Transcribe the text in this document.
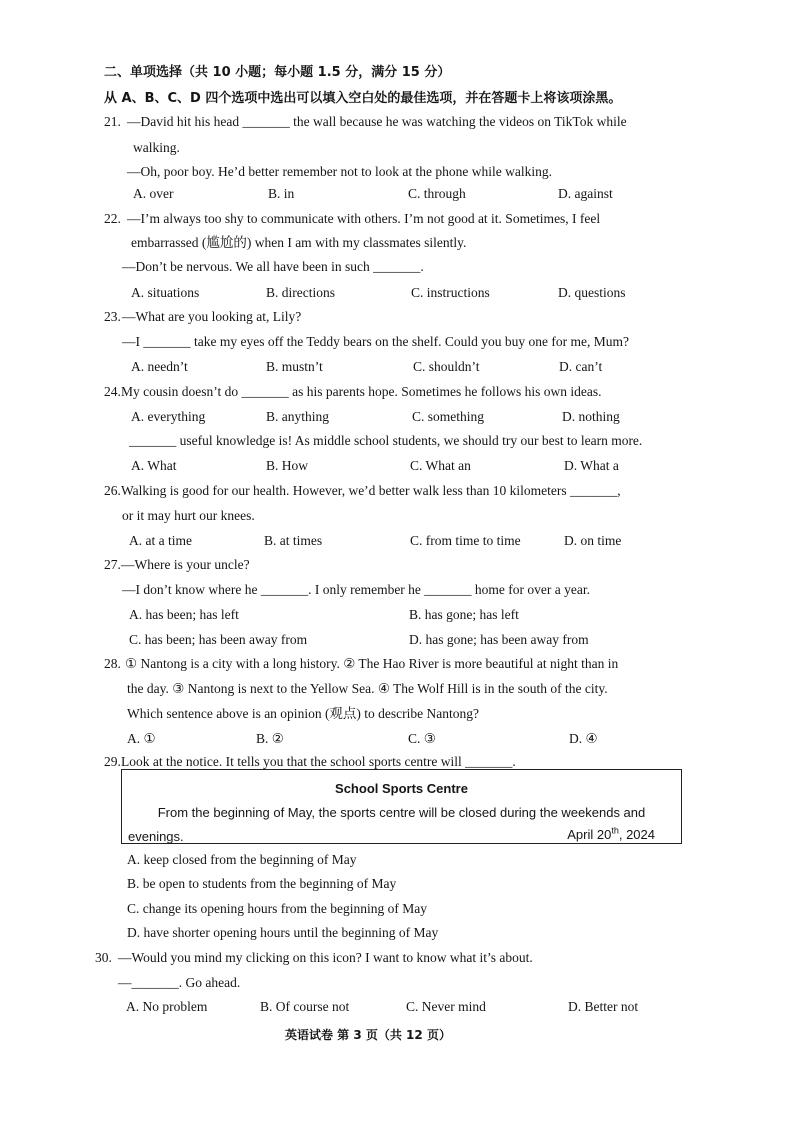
二、单项选择（共 10 小题；每小题 1.5 分，满分 15 分）
从 A、B、C、D 四个选项中选出可以填入空白处的最佳选项，并在答题卡上将该项涂黑。
21. —David hit his head _______ the wall because he was watching the videos on TikTok while
walking.
—Oh, poor boy. He’d better remember not to look at the phone while walking.
A. over	B. in	C. through	D. against
22. —I’m always too shy to communicate with others. I’m not good at it. Sometimes, I feel
embarrassed (尴尬的) when I am with my classmates silently.
—Don’t be nervous. We all have been in such _______.
A. situations	B. directions	C. instructions	D. questions
23. —What are you looking at, Lily?
—I _______ take my eyes off the Teddy bears on the shelf. Could you buy one for me, Mum?
A. needn’t	B. mustn’t	C. shouldn’t	D. can’t
24. My cousin doesn’t do _______ as his parents hope. Sometimes he follows his own ideas.
A. everything	B. anything	C. something	D. nothing
_______ useful knowledge is! As middle school students, we should try our best to learn more.
A. What	B. How	C. What an	D. What a
26. Walking is good for our health. However, we’d better walk less than 10 kilometers _______,
or it may hurt our knees.
A. at a time	B. at times	C. from time to time	D. on time
27. —Where is your uncle?
—I don’t know where he _______. I only remember he _______ home for over a year.
A. has been; has left	B. has gone; has left
C. has been; has been away from	D. has gone; has been away from
28. ① Nantong is a city with a long history. ② The Hao River is more beautiful at night than in
the day. ③ Nantong is next to the Yellow Sea. ④ The Wolf Hill is in the south of the city.
Which sentence above is an opinion (观点) to describe Nantong?
A. ①	B. ②	C. ③	D. ④
29. Look at the notice. It tells you that the school sports centre will _______.
School Sports Centre
From the beginning of May, the sports centre will be closed during the weekends and
evenings.	April 20th, 2024
A. keep closed from the beginning of May
B. be open to students from the beginning of May
C. change its opening hours from the beginning of May
D. have shorter opening hours until the beginning of May
30. —Would you mind my clicking on this icon? I want to know what it’s about.
—_______. Go ahead.
A. No problem	B. Of course not	C. Never mind	D. Better not
英语试卷 第 3 页（共 12 页）
